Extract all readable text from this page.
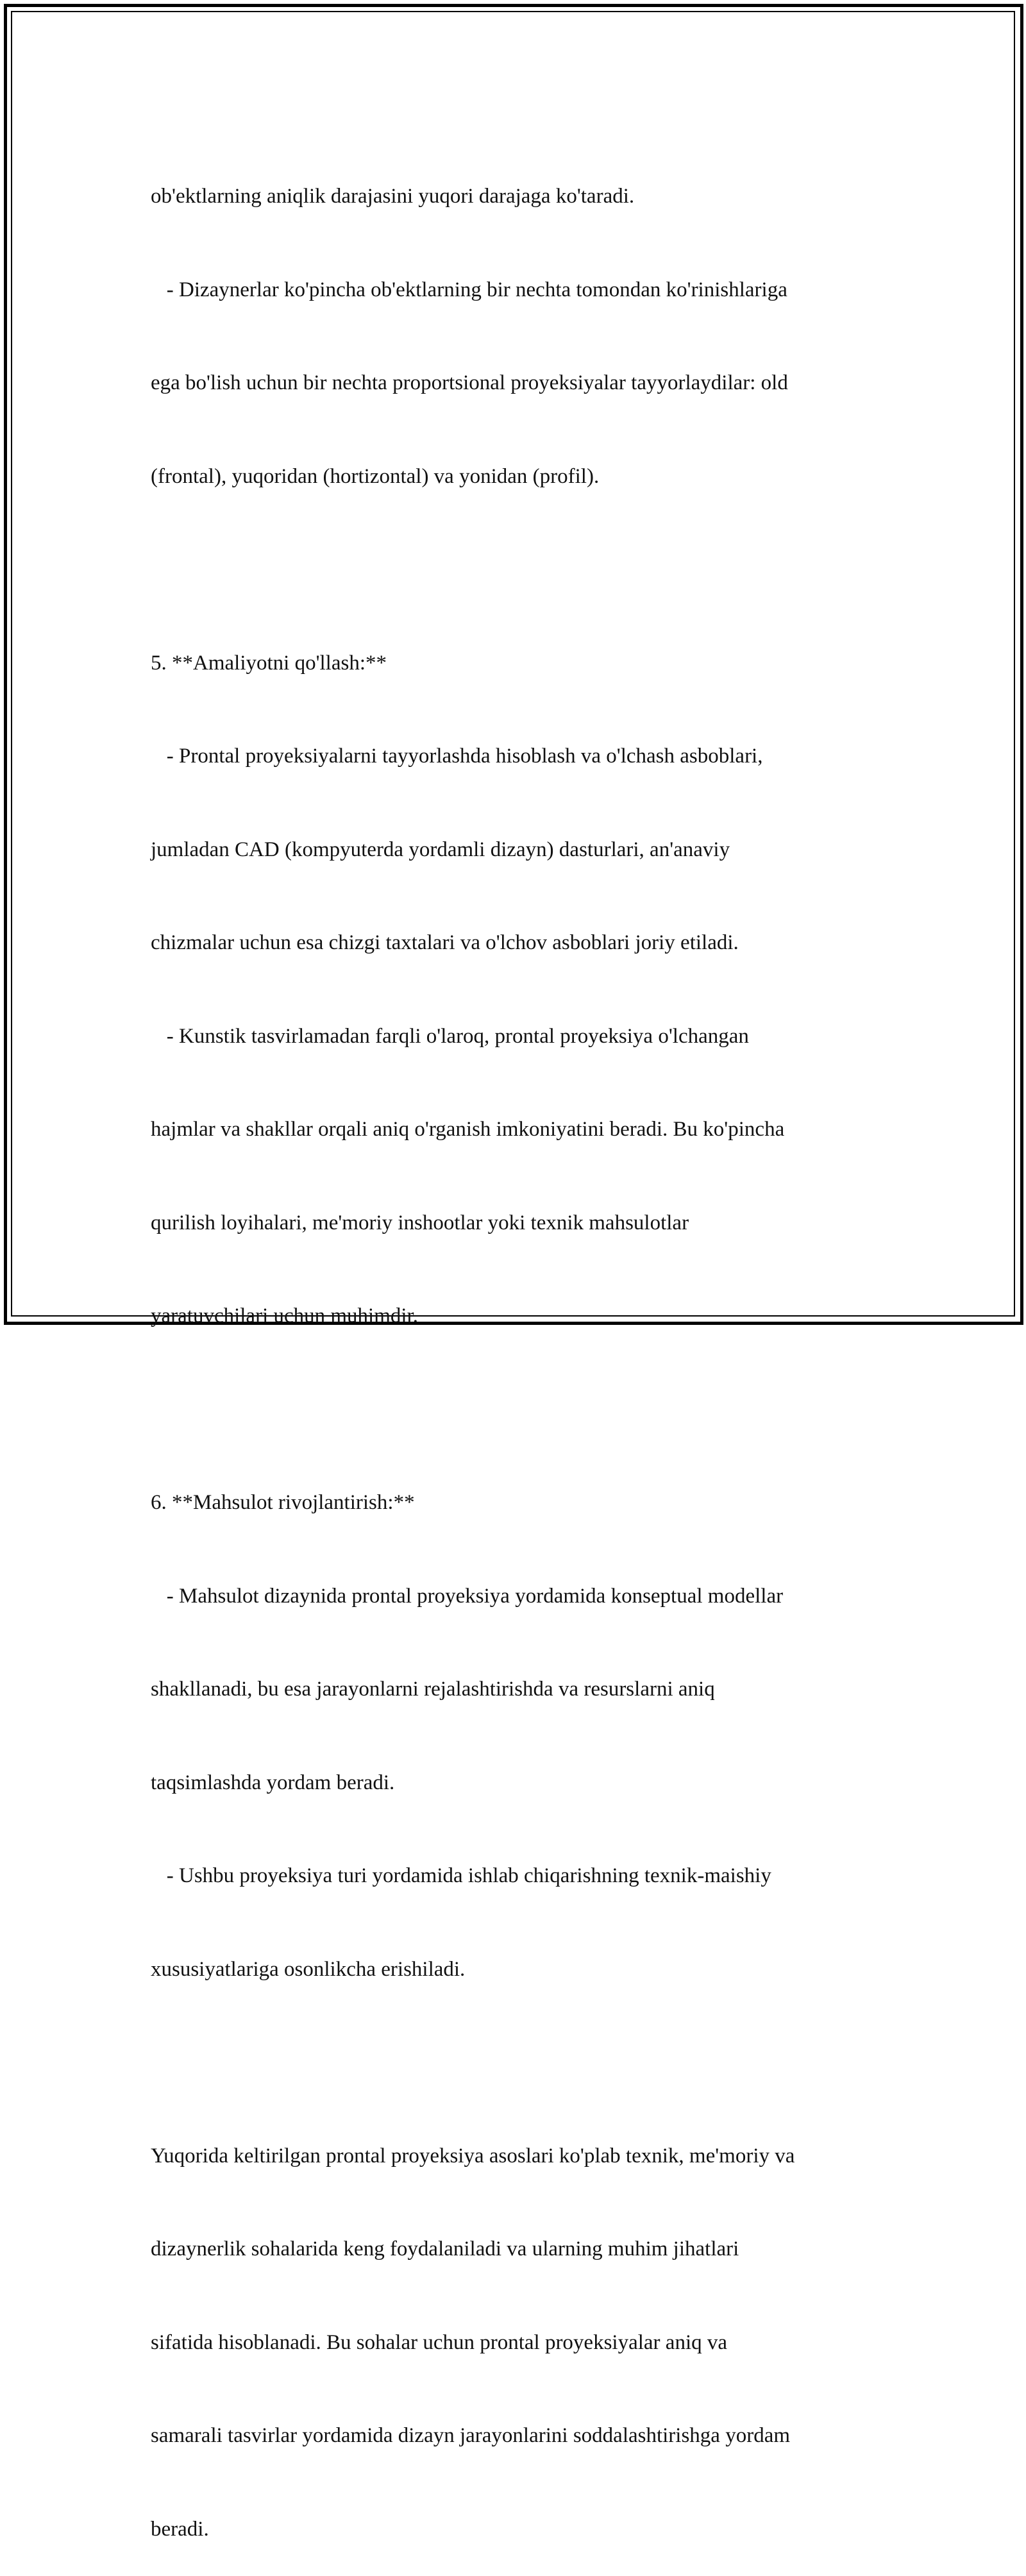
ob'ektlarning aniqlik darajasini yuqori darajaga ko'taradi.

- Dizaynerlar ko'pincha ob'ektlarning bir nechta tomondan ko'rinishlariga

ega bo'lish uchun bir nechta proportsional proyeksiyalar tayyorlaydilar: old

(frontal), yuqoridan (hortizontal) va yonidan (profil).

5. **Amaliyotni qo'llash:**

- Prontal proyeksiyalarni tayyorlashda hisoblash va o'lchash asboblari,

jumladan CAD (kompyuterda yordamli dizayn) dasturlari, an'anaviy

chizmalar uchun esa chizgi taxtalari va o'lchov asboblari joriy etiladi.

- Kunstik tasvirlamadan farqli o'laroq, prontal proyeksiya o'lchangan

hajmlar va shakllar orqali aniq o'rganish imkoniyatini beradi. Bu ko'pincha

qurilish loyihalari, me'moriy inshootlar yoki texnik mahsulotlar

yaratuvchilari uchun muhimdir.

6. **Mahsulot rivojlantirish:**

- Mahsulot dizaynida prontal proyeksiya yordamida konseptual modellar

shakllanadi, bu esa jarayonlarni rejalashtirishda va resurslarni aniq

taqsimlashda yordam beradi.

- Ushbu proyeksiya turi yordamida ishlab chiqarishning texnik-maishiy

xususiyatlariga osonlikcha erishiladi.

Yuqorida keltirilgan prontal proyeksiya asoslari ko'plab texnik, me'moriy va

dizaynerlik sohalarida keng foydalaniladi va ularning muhim jihatlari

sifatida hisoblanadi. Bu sohalar uchun prontal proyeksiyalar aniq va

samarali tasvirlar yordamida dizayn jarayonlarini soddalashtirishga yordam

beradi.
